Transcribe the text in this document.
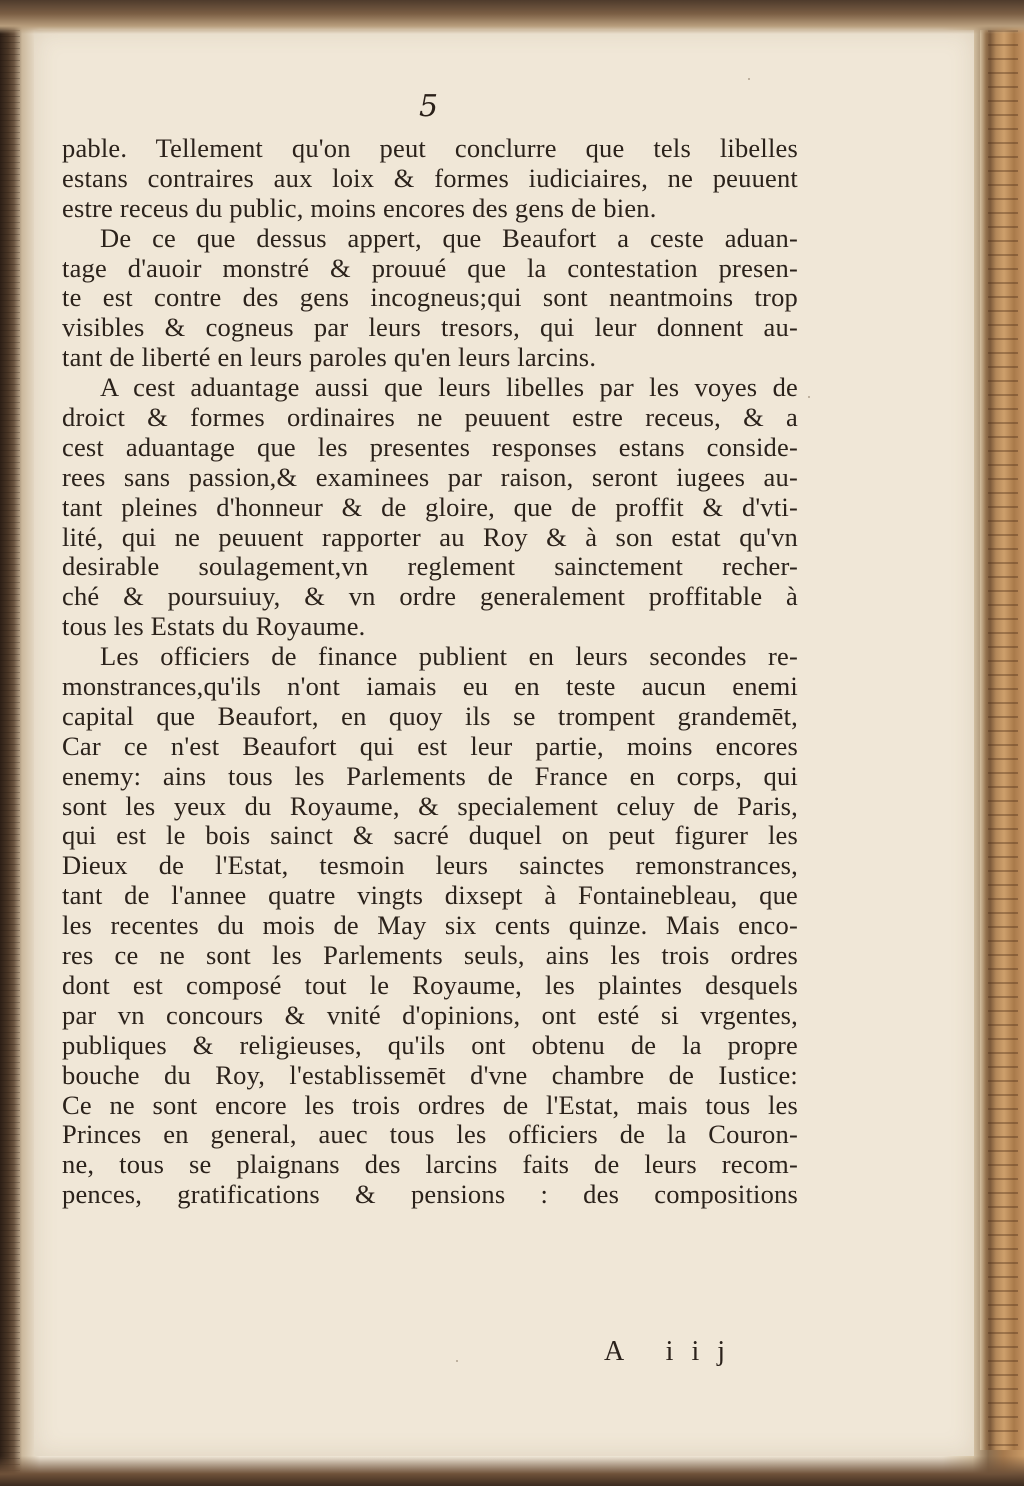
5
pable. Tellement qu'on peut conclurre que tels libelles
estans contraires aux loix & formes iudiciaires, ne peuuent
estre receus du public, moins encores des gens de bien.
De ce que dessus appert, que Beaufort a ceste aduan-
tage d'auoir monstré & prouué que la contestation presen-
te est contre des gens incogneus;qui sont neantmoins trop
visibles & cogneus par leurs tresors, qui leur donnent au-
tant de liberté en leurs paroles qu'en leurs larcins.
A cest aduantage aussi que leurs libelles par les voyes de
droict & formes ordinaires ne peuuent estre receus, & a
cest aduantage que les presentes responses estans conside-
rees sans passion,& examinees par raison, seront iugees au-
tant pleines d'honneur & de gloire, que de proffit & d'vti-
lité, qui ne peuuent rapporter au Roy & à son estat qu'vn
desirable soulagement,vn reglement sainctement recher-
ché & poursuiuy, & vn ordre generalement proffitable à
tous les Estats du Royaume.
Les officiers de finance publient en leurs secondes re-
monstrances,qu'ils n'ont iamais eu en teste aucun enemi
capital que Beaufort, en quoy ils se trompent grandemēt,
Car ce n'est Beaufort qui est leur partie, moins encores
enemy: ains tous les Parlements de France en corps, qui
sont les yeux du Royaume, & specialement celuy de Paris,
qui est le bois sainct & sacré duquel on peut figurer les
Dieux de l'Estat, tesmoin leurs sainctes remonstrances,
tant de l'annee quatre vingts dixsept à Fontainebleau, que
les recentes du mois de May six cents quinze. Mais enco-
res ce ne sont les Parlements seuls, ains les trois ordres
dont est composé tout le Royaume, les plaintes desquels
par vn concours & vnité d'opinions, ont esté si vrgentes,
publiques & religieuses, qu'ils ont obtenu de la propre
bouche du Roy, l'establissemēt d'vne chambre de Iustice:
Ce ne sont encore les trois ordres de l'Estat, mais tous les
Princes en general, auec tous les officiers de la Couron-
ne, tous se plaignans des larcins faits de leurs recom-
pences, gratifications & pensions : des compositions
A iij
